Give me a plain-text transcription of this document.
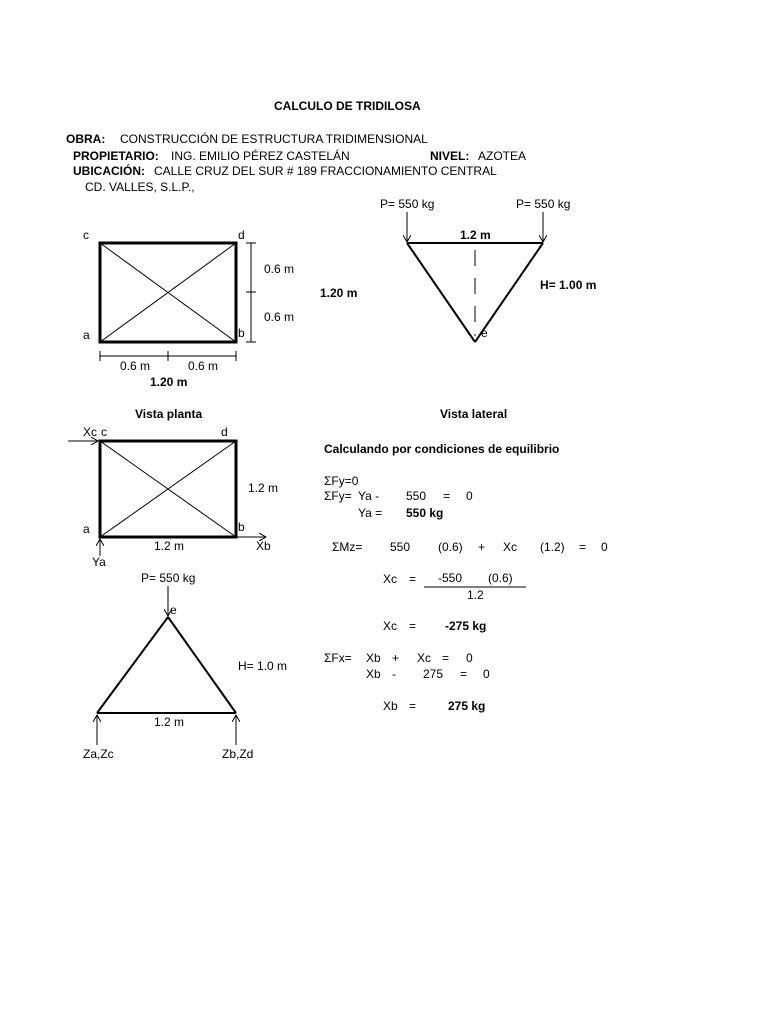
CALCULO DE TRIDILOSA
OBRA: CONSTRUCCIÓN DE ESTRUCTURA TRIDIMENSIONAL
PROPIETARIO: ING. EMILIO PÉREZ CASTELÁN	NIVEL: AZOTEA
UBICACIÓN: CALLE CRUZ DEL SUR # 189 FRACCIONAMIENTO CENTRAL
CD. VALLES, S.L.P.,
c	d
a	b
0.6 m
0.6 m
0.6 m	0.6 m
1.20 m
1.20 m
Vista planta
P= 550 kg	P= 550 kg
1.2 m
H= 1.00 m
e
Vista lateral
Xc c	d
a	b
1.2 m
1.2 m	Xb
Ya
P= 550 kg
e
H= 1.0 m
1.2 m
Za,Zc	Zb,Zd
Calculando por condiciones de equilibrio
ΣFy=0
ΣFy= Ya - 550 = 0
Ya = 550 kg
ΣMz= 550 (0.6) + Xc (1.2) = 0
Xc = -550 (0.6)
1.2
Xc = -275 kg
ΣFx= Xb + Xc = 0
Xb - 275 = 0
Xb =	275 kg
